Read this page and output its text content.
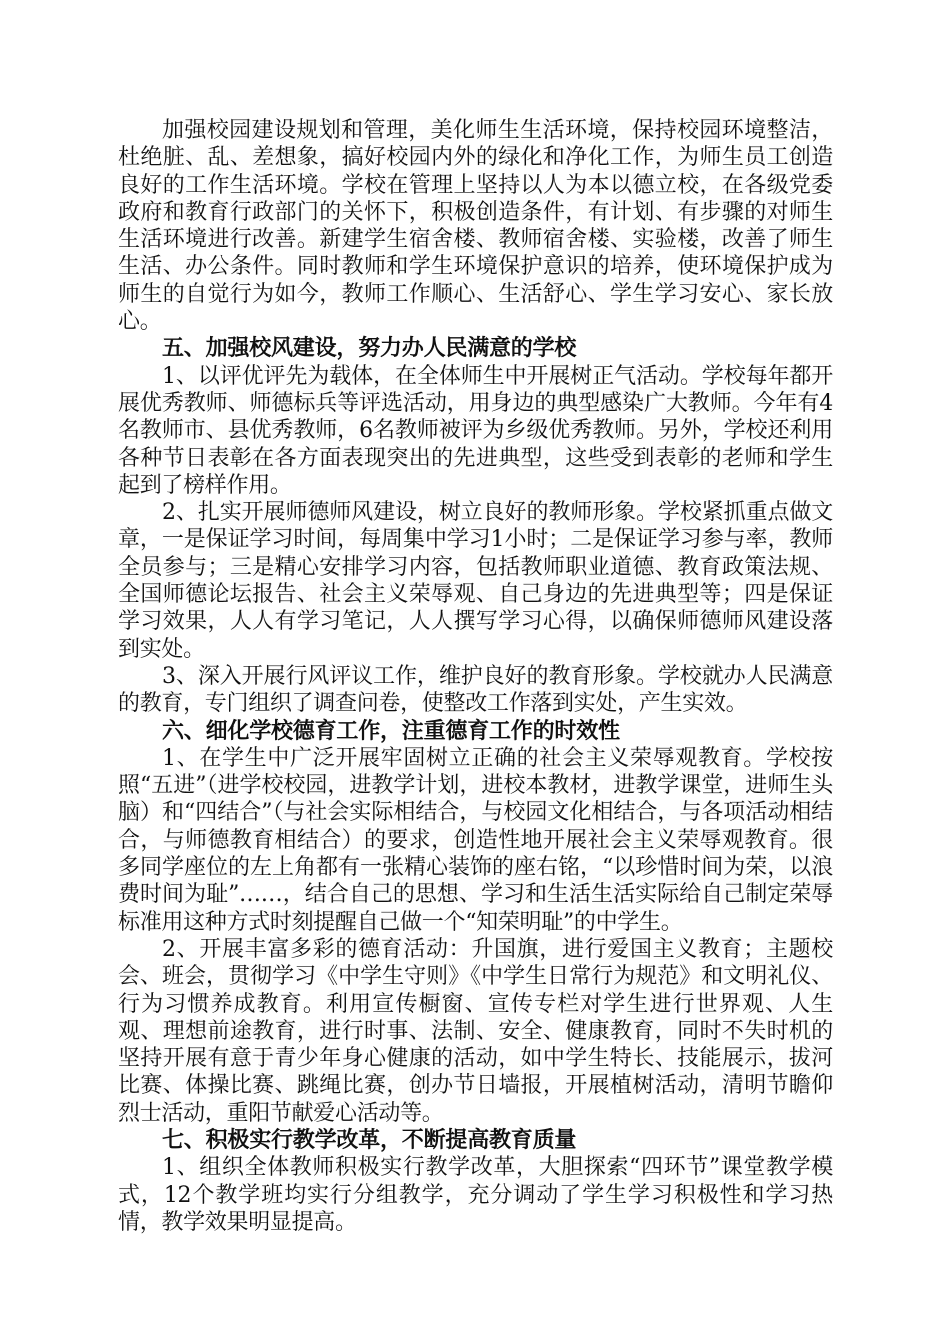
加强校园建设规划和管理，美化师生生活环境，保持校园环境整洁，杜绝脏、乱、差想象，搞好校园内外的绿化和净化工作，为师生员工创造良好的工作生活环境。学校在管理上坚持以人为本以德立校，在各级党委政府和教育行政部门的关怀下，积极创造条件，有计划、有步骤的对师生生活环境进行改善。新建学生宿舍楼、教师宿舍楼、实验楼，改善了师生生活、办公条件。同时教师和学生环境保护意识的培养，使环境保护成为师生的自觉行为如今，教师工作顺心、生活舒心、学生学习安心、家长放心。

五、加强校风建设，努力办人民满意的学校

1、以评优评先为载体，在全体师生中开展树正气活动。学校每年都开展优秀教师、师德标兵等评选活动，用身边的典型感染广大教师。今年有4名教师市、县优秀教师，6名教师被评为乡级优秀教师。另外，学校还利用各种节日表彰在各方面表现突出的先进典型，这些受到表彰的老师和学生起到了榜样作用。

2、扎实开展师德师风建设，树立良好的教师形象。学校紧抓重点做文章，一是保证学习时间，每周集中学习1小时；二是保证学习参与率，教师全员参与；三是精心安排学习内容，包括教师职业道德、教育政策法规、全国师德论坛报告、社会主义荣辱观、自己身边的先进典型等；四是保证学习效果，人人有学习笔记，人人撰写学习心得，以确保师德师风建设落到实处。

3、深入开展行风评议工作，维护良好的教育形象。学校就办人民满意的教育，专门组织了调查问卷，使整改工作落到实处，产生实效。

六、细化学校德育工作，注重德育工作的时效性

1、在学生中广泛开展牢固树立正确的社会主义荣辱观教育。学校按照“五进”（进学校校园，进教学计划，进校本教材，进教学课堂，进师生头脑）和“四结合”（与社会实际相结合，与校园文化相结合，与各项活动相结合，与师德教育相结合）的要求，创造性地开展社会主义荣辱观教育。很多同学座位的左上角都有一张精心装饰的座右铭，“以珍惜时间为荣，以浪费时间为耻”……，结合自己的思想、学习和生活生活实际给自己制定荣辱标准用这种方式时刻提醒自己做一个“知荣明耻”的中学生。

2、开展丰富多彩的德育活动：升国旗，进行爱国主义教育；主题校会、班会，贯彻学习《中学生守则》《中学生日常行为规范》和文明礼仪、行为习惯养成教育。利用宣传橱窗、宣传专栏对学生进行世界观、人生观、理想前途教育，进行时事、法制、安全、健康教育，同时不失时机的坚持开展有意于青少年身心健康的活动，如中学生特长、技能展示，拔河比赛、体操比赛、跳绳比赛，创办节日墙报，开展植树活动，清明节瞻仰烈士活动，重阳节献爱心活动等。

七、积极实行教学改革，不断提高教育质量

1、组织全体教师积极实行教学改革，大胆探索“四环节”课堂教学模式，12个教学班均实行分组教学，充分调动了学生学习积极性和学习热情，教学效果明显提高。
